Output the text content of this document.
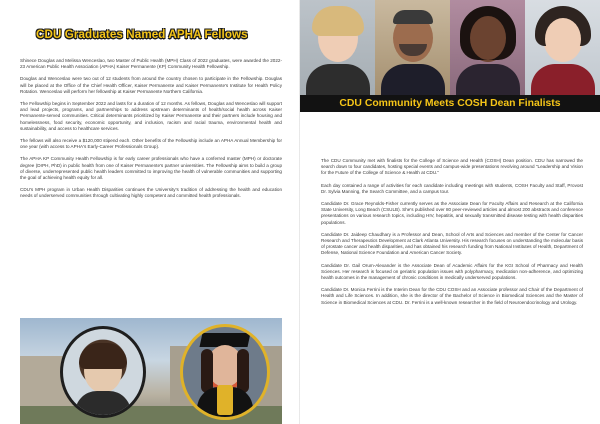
CDU Graduates Named APHA Fellows

Shinece Douglas and Melissa Wenceslao, two Master of Public Health (MPH) Class of 2022 graduates, were awarded the 2022-23 American Public Health Association (APHA) Kaiser Permanente (KP) Community Health Fellowship.

Douglas and Wenceslao were two out of 12 students from around the country chosen to participate in the Fellowship. Douglas will be placed at the Office of the Chief Health Officer, Kaiser Permanente and Kaiser Permanente's Institute for Health Policy Rotation. Wenceslao will perform her fellowship at Kaiser Permanente Northern California.

The Fellowship begins in September 2022 and lasts for a duration of 12 months. As fellows, Douglas and Wenceslao will support and lead projects, programs, and partnerships to address upstream determinants of health/social health across Kaiser Permanente-served communities. Critical determinants prioritized by Kaiser Permanente and their partners include housing and homelessness, food security, economic opportunity, and inclusion, racism and racial trauma, environmental health and sustainability, and access to healthcare services.

The fellows will also receive a $120,000 stipend each. Other benefits of the Fellowship include an APHA Annual Membership for one year (with access to APHA's Early-Career Professionals Group).

The APHA KP Community Health Fellowship is for early career professionals who have a conferred master (MPH) or doctorate degree (DrPH, PhD) in public health from one of Kaiser Permanente's partner universities. The Fellowship aims to build a group of diverse, underrepresented public health leaders committed to improving the health of vulnerable communities and supporting the goal of achieving health equity for all.

CDU's MPH program in Urban Health Disparities continues the University's tradition of addressing the health and education needs of underserved communities through cultivating highly competent and committed health professionals.

CDU Community Meets COSH Dean Finalists

The CDU Community met with finalists for the College of Science and Health (COSH) Dean position. CDU has narrowed the search down to four candidates, hosting special events and campus-wide presentations revolving around "Leadership and Vision for the Future of the College of Science & Health at CDU."

Each day contained a range of activities for each candidate including meetings with students, COSH Faculty and Staff, Provost Dr. Sylvia Manning, the Search Committee, and a campus tour.

Candidate Dr. Grace Reynolds-Fisher currently serves as the Associate Dean for Faculty Affairs and Research at the California State University, Long Beach (CSULB). She's published over 80 peer-reviewed articles and almost 200 abstracts and conference presentations on various research topics, including HIV, hepatitis, and sexually transmitted disease testing with health disparities populations.

Candidate Dr. Jaideep Chaudhary is a Professor and Dean, School of Arts and Sciences and member of the Center for Cancer Research and Therapeutics Development at Clark Atlanta University. His research focuses on understanding the molecular basis of prostate cancer and health disparities, and has obtained his research funding from National Institutes of Health, Department of Defense, National Science Foundation and American Cancer Society.

Candidate Dr. Gail Orum-Alexander is the Associate Dean of Academic Affairs for the KGI School of Pharmacy and Health Sciences. Her research is focused on geriatric population issues with polypharmacy, medication non-adherence, and optimizing health outcomes in the management of chronic conditions in medically underserved populations.

Candidate Dr. Monica Ferrini is the Interim Dean for the CDU COSH and an Associate professor and Chair of the Department of Health and Life Sciences. In addition, she is the director of the Bachelor of Science in Biomedical Sciences and the Master of Science in Biomedical Sciences at CDU. Dr. Ferrini is a well-known researcher in the field of Neuroendocrinology and Urology.
